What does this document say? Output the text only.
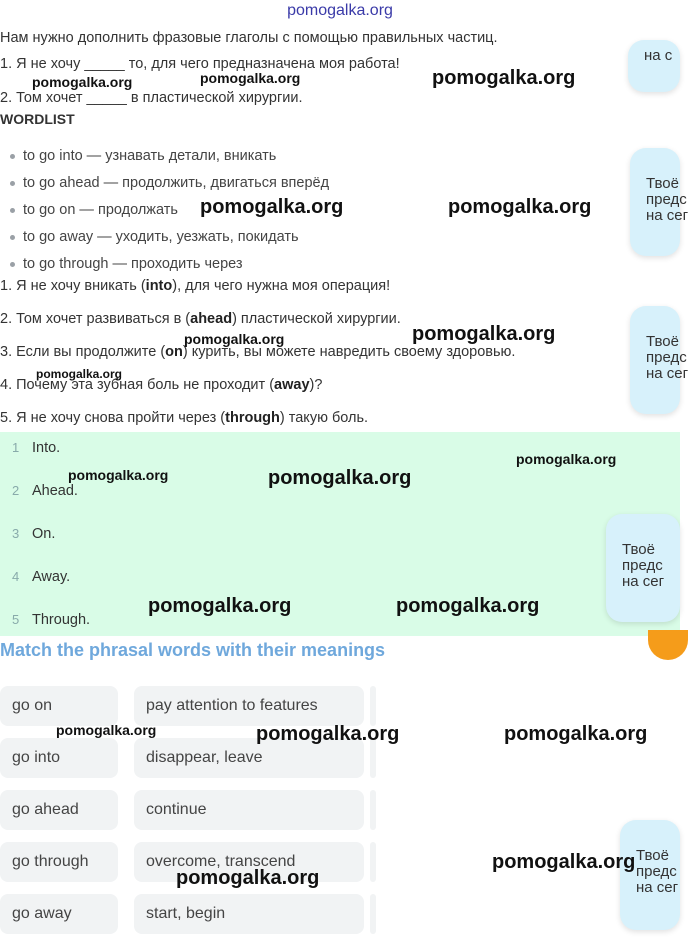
pomogalka.org
Нам нужно дополнить фразовые глаголы с помощью правильных частиц.
1. Я не хочу _____ то, для чего предназначена моя работа!
2. Том хочет _____ в пластической хирургии.
WORDLIST
to go into — узнавать детали, вникать
to go ahead — продолжить, двигаться вперёд
to go on — продолжать
to go away — уходить, уезжать, покидать
to go through — проходить через
1. Я не хочу вникать (into), для чего нужна моя операция!
2. Том хочет развиваться в (ahead) пластической хирургии.
3. Если вы продолжите (on) курить, вы можете навредить своему здоровью.
4. Почему эта зубная боль не проходит (away)?
5. Я не хочу снова пройти через (through) такую боль.
1 Into.
2 Ahead.
3 On.
4 Away.
5 Through.
Match the phrasal words with their meanings
go on	pay attention to features
go into	disappear, leave
go ahead	continue
go through	overcome, transcend
go away	start, begin
на с
Твоё
предс
на сег
Твоё
предс
на сег
Твоё
предс
на сег
Твоё
предс
на сег
pomogalka.org	pomogalka.org	pomogalka.org
pomogalka.org	pomogalka.org
pomogalka.org	pomogalka.org
pomogalka.org
pomogalka.org	pomogalka.org
pomogalka.org
pomogalka.org	pomogalka.org
pomogalka.org	pomogalka.org	pomogalka.org
pomogalka.org
pomogalka.org
